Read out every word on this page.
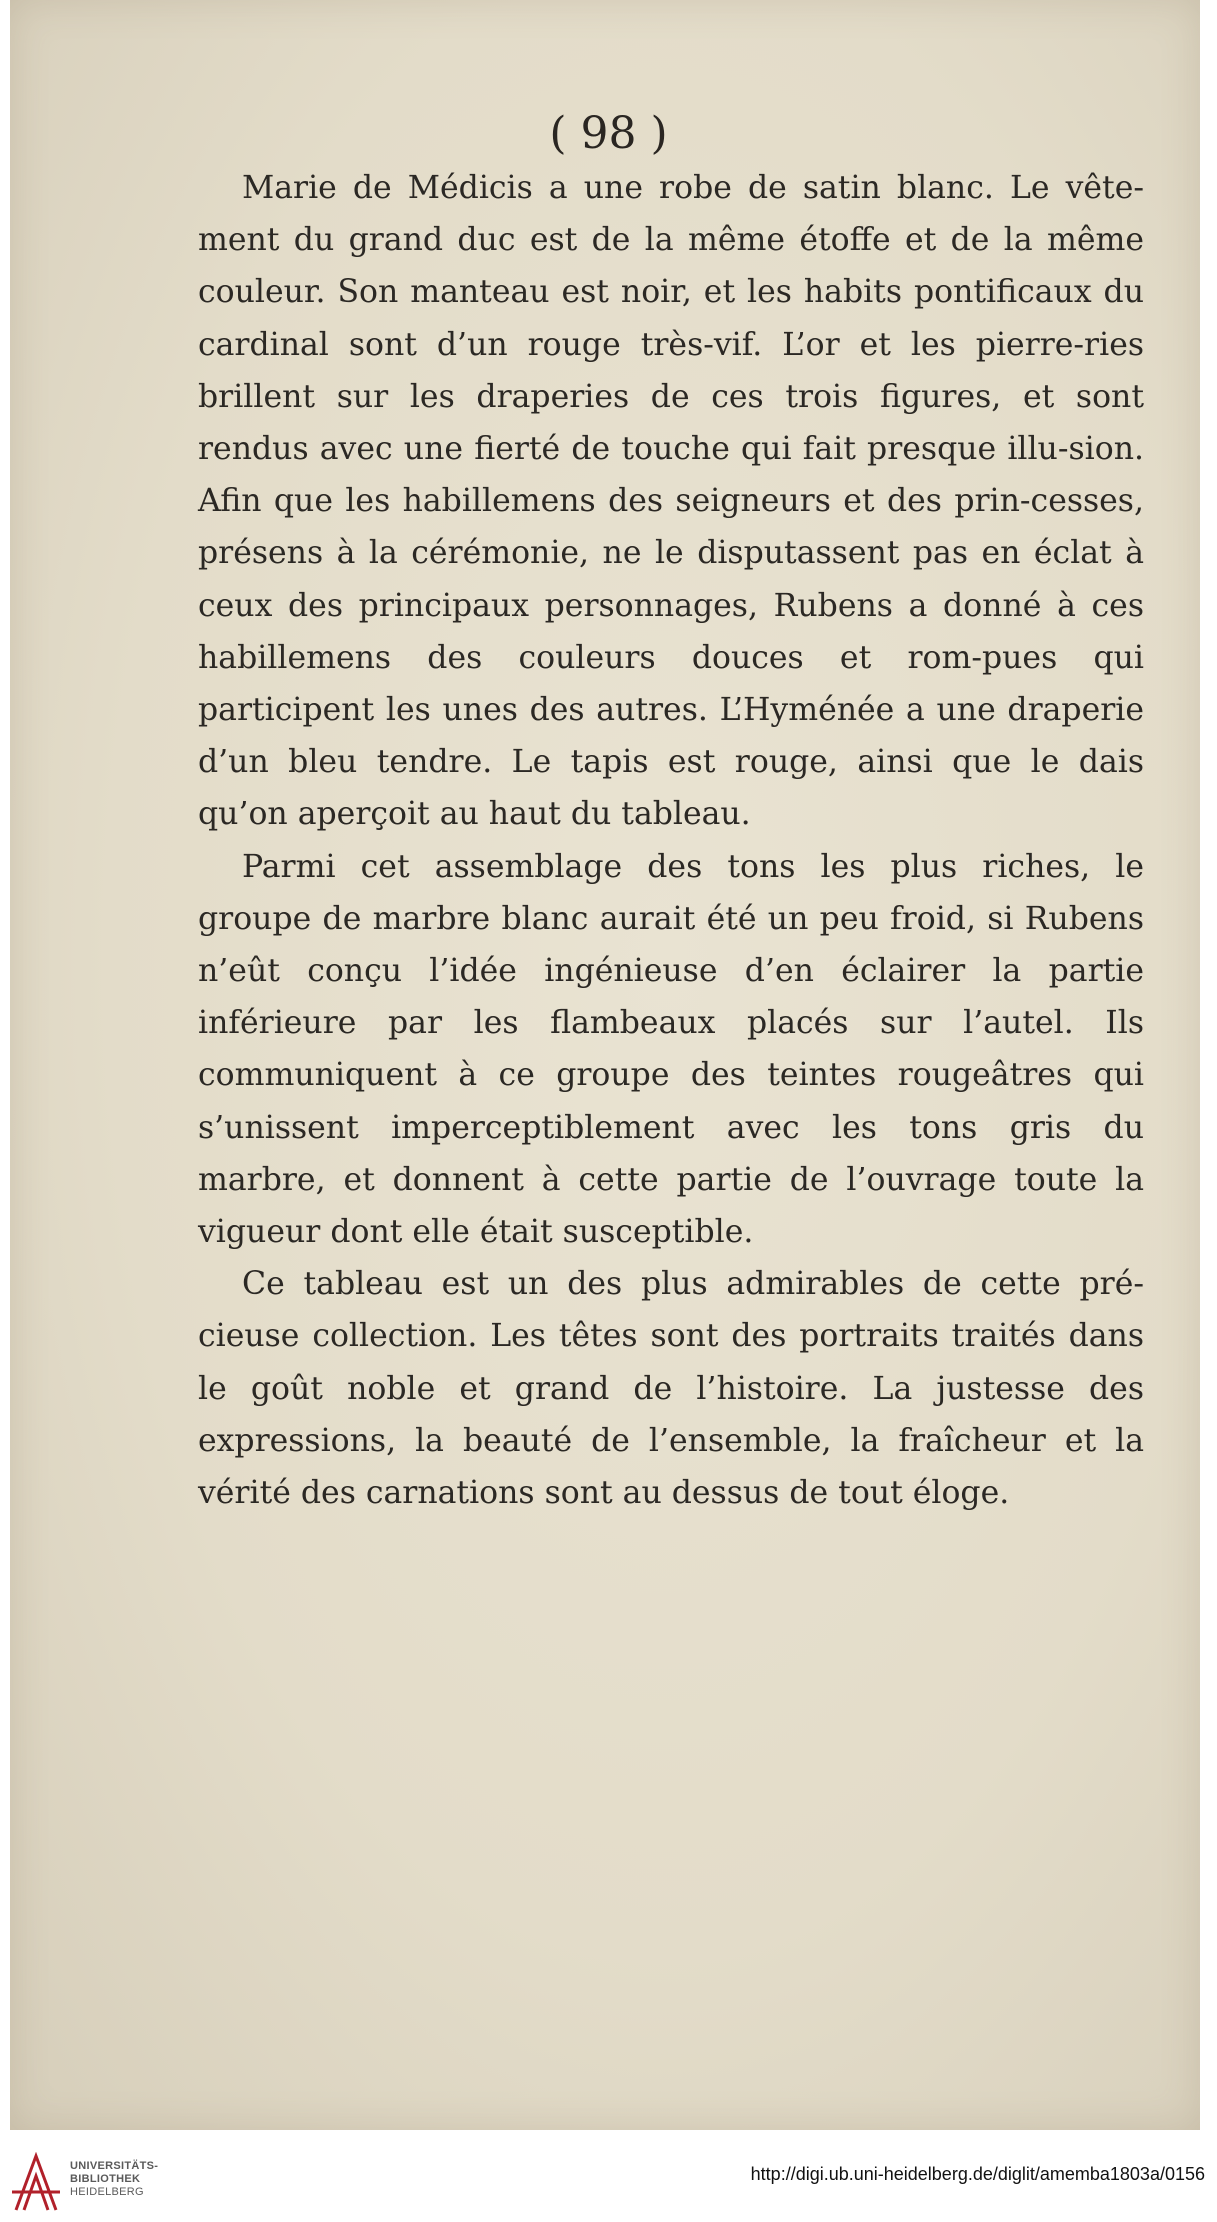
( 98 )

Marie de Médicis a une robe de satin blanc. Le vête-ment du grand duc est de la même étoffe et de la même couleur. Son manteau est noir, et les habits pontificaux du cardinal sont d’un rouge très-vif. L’or et les pierre-ries brillent sur les draperies de ces trois figures, et sont rendus avec une fierté de touche qui fait presque illu-sion. Afin que les habillemens des seigneurs et des prin-cesses, présens à la cérémonie, ne le disputassent pas en éclat à ceux des principaux personnages, Rubens a donné à ces habillemens des couleurs douces et rom-pues qui participent les unes des autres. L’Hyménée a une draperie d’un bleu tendre. Le tapis est rouge, ainsi que le dais qu’on aperçoit au haut du tableau.

Parmi cet assemblage des tons les plus riches, le groupe de marbre blanc aurait été un peu froid, si Rubens n’eût conçu l’idée ingénieuse d’en éclairer la partie inférieure par les flambeaux placés sur l’autel. Ils communiquent à ce groupe des teintes rougeâtres qui s’unissent imperceptiblement avec les tons gris du marbre, et donnent à cette partie de l’ouvrage toute la vigueur dont elle était susceptible.

Ce tableau est un des plus admirables de cette pré-cieuse collection. Les têtes sont des portraits traités dans le goût noble et grand de l’histoire. La justesse des expressions, la beauté de l’ensemble, la fraîcheur et la vérité des carnations sont au dessus de tout éloge.

UNIVERSITÄTS-
BIBLIOTHEK
HEIDELBERG
http://digi.ub.uni-heidelberg.de/diglit/amemba1803a/0156
